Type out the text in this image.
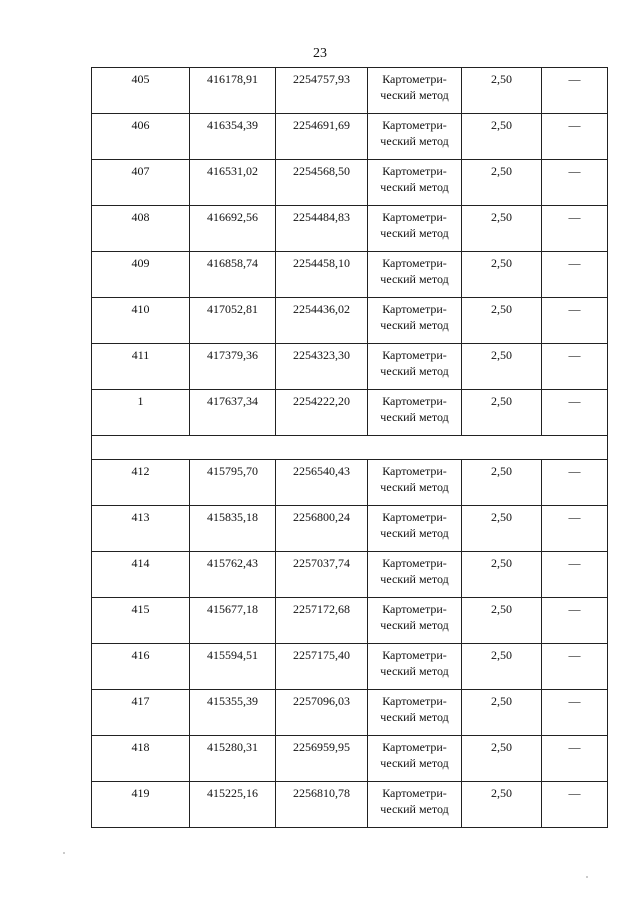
23
405	416178,91	2254757,93	Картометри-ческий метод	2,50	—
406	416354,39	2254691,69	Картометри-ческий метод	2,50	—
407	416531,02	2254568,50	Картометри-ческий метод	2,50	—
408	416692,56	2254484,83	Картометри-ческий метод	2,50	—
409	416858,74	2254458,10	Картометри-ческий метод	2,50	—
410	417052,81	2254436,02	Картометри-ческий метод	2,50	—
411	417379,36	2254323,30	Картометри-ческий метод	2,50	—
1	417637,34	2254222,20	Картометри-ческий метод	2,50	—

412	415795,70	2256540,43	Картометри-ческий метод	2,50	—
413	415835,18	2256800,24	Картометри-ческий метод	2,50	—
414	415762,43	2257037,74	Картометри-ческий метод	2,50	—
415	415677,18	2257172,68	Картометри-ческий метод	2,50	—
416	415594,51	2257175,40	Картометри-ческий метод	2,50	—
417	415355,39	2257096,03	Картометри-ческий метод	2,50	—
418	415280,31	2256959,95	Картометри-ческий метод	2,50	—
419	415225,16	2256810,78	Картометри-ческий метод	2,50	—
